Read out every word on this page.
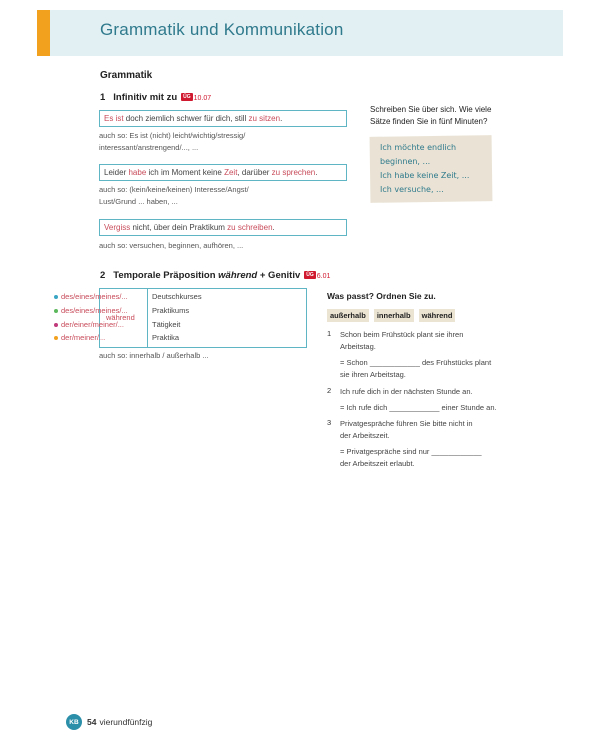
Grammatik und Kommunikation
Grammatik
1 Infinitiv mit zu ÜG 10.07
Es ist doch ziemlich schwer für dich, still zu sitzen.
auch so: Es ist (nicht) leicht/wichtig/stressig/
interessant/anstrengend/..., ...
Leider habe ich im Moment keine Zeit, darüber zu sprechen.
auch so: (kein/keine/keinen) Interesse/Angst/
Lust/Grund ... haben, ...
Vergiss nicht, über dein Praktikum zu schreiben.
auch so: versuchen, beginnen, aufhören, ...
2 Temporale Präposition während + Genitiv ÜG 6.01
während
des/eines/meines/...	Deutschkurses
des/eines/meines/...	Praktikums
der/einer/meiner/...	Tätigkeit
der/meiner/...	Praktika
auch so: innerhalb / außerhalb ...
Schreiben Sie über sich. Wie viele
Sätze finden Sie in fünf Minuten?
Ich möchte endlich
beginnen, ...
Ich habe keine Zeit, ...
Ich versuche, ...
Was passt? Ordnen Sie zu.
außerhalb	innerhalb	während
1 Schon beim Frühstück plant sie ihren
Arbeitstag.
= Schon ____________ des Frühstücks plant
sie ihren Arbeitstag.
2 Ich rufe dich in der nächsten Stunde an.
= Ich rufe dich ____________ einer Stunde an.
3 Privatgespräche führen Sie bitte nicht in
der Arbeitszeit.
= Privatgespräche sind nur ____________
der Arbeitszeit erlaubt.
KB 54 vierundfünfzig
